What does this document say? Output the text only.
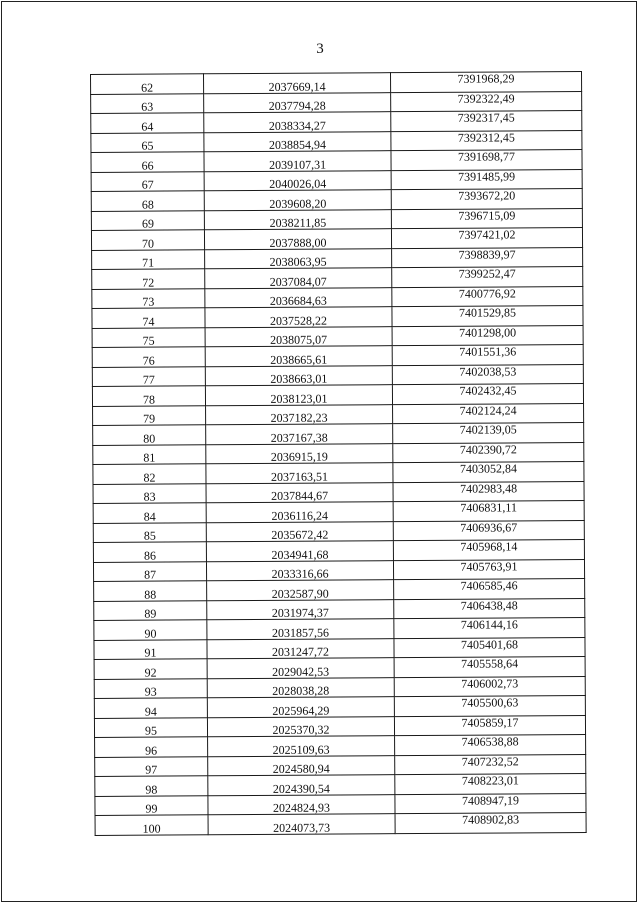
3
62	2037669,14	7391968,29
63	2037794,28	7392322,49
64	2038334,27	7392317,45
65	2038854,94	7392312,45
66	2039107,31	7391698,77
67	2040026,04	7391485,99
68	2039608,20	7393672,20
69	2038211,85	7396715,09
70	2037888,00	7397421,02
71	2038063,95	7398839,97
72	2037084,07	7399252,47
73	2036684,63	7400776,92
74	2037528,22	7401529,85
75	2038075,07	7401298,00
76	2038665,61	7401551,36
77	2038663,01	7402038,53
78	2038123,01	7402432,45
79	2037182,23	7402124,24
80	2037167,38	7402139,05
81	2036915,19	7402390,72
82	2037163,51	7403052,84
83	2037844,67	7402983,48
84	2036116,24	7406831,11
85	2035672,42	7406936,67
86	2034941,68	7405968,14
87	2033316,66	7405763,91
88	2032587,90	7406585,46
89	2031974,37	7406438,48
90	2031857,56	7406144,16
91	2031247,72	7405401,68
92	2029042,53	7405558,64
93	2028038,28	7406002,73
94	2025964,29	7405500,63
95	2025370,32	7405859,17
96	2025109,63	7406538,88
97	2024580,94	7407232,52
98	2024390,54	7408223,01
99	2024824,93	7408947,19
100	2024073,73	7408902,83
